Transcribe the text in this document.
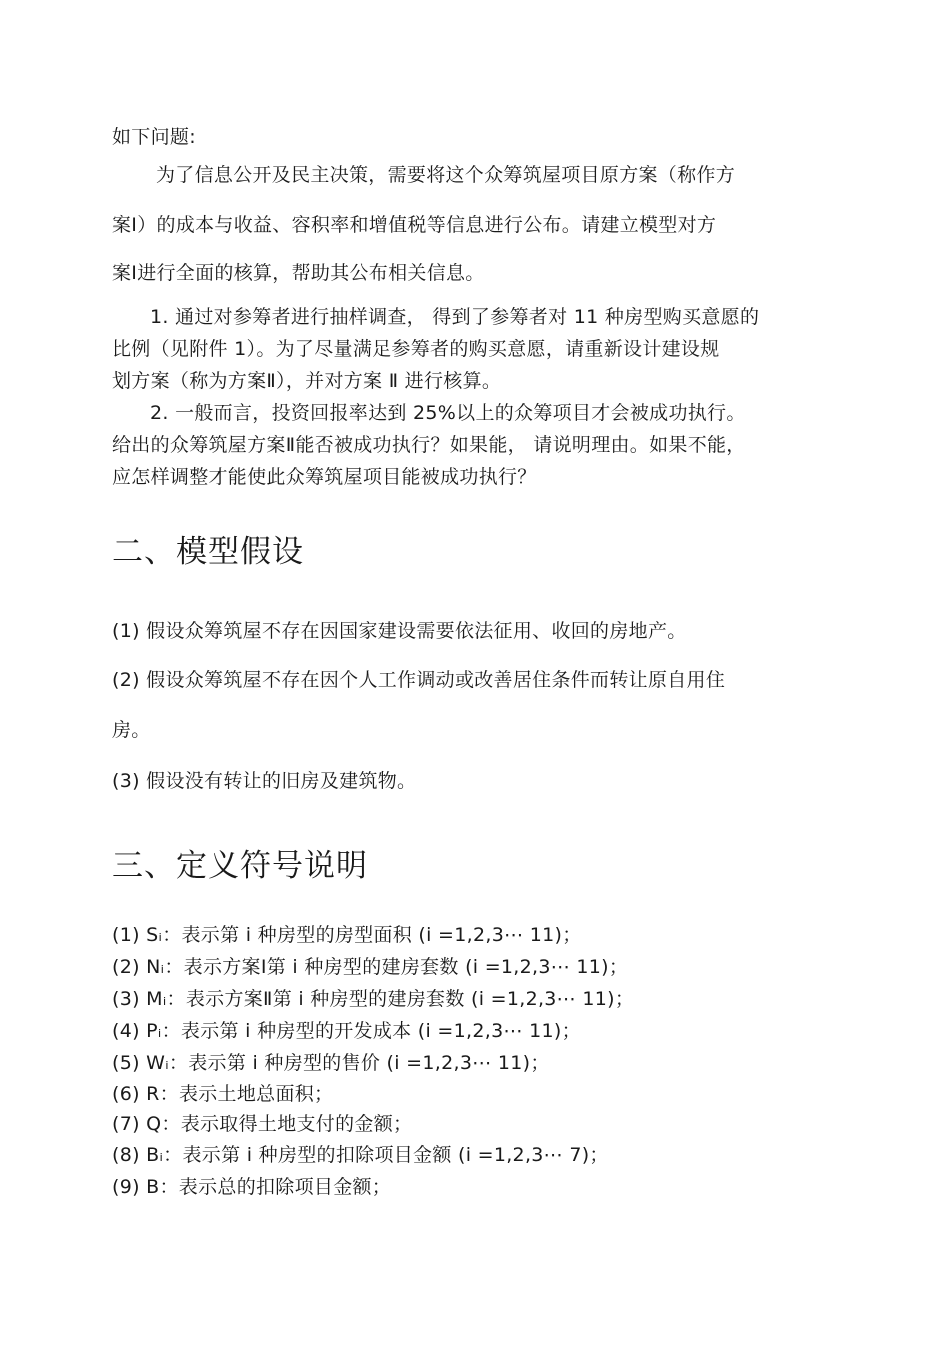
如下问题:
为了信息公开及民主决策，需要将这个众筹筑屋项目原方案（称作方
案Ⅰ）的成本与收益、容积率和增值税等信息进行公布。请建立模型对方
案Ⅰ进行全面的核算，帮助其公布相关信息。
1. 通过对参筹者进行抽样调查， 得到了参筹者对 11 种房型购买意愿的
比例（见附件 1）。为了尽量满足参筹者的购买意愿，请重新设计建设规
划方案（称为方案Ⅱ），并对方案 Ⅱ 进行核算。
2. 一般而言，投资回报率达到 25%以上的众筹项目才会被成功执行。
给出的众筹筑屋方案Ⅱ能否被成功执行？如果能， 请说明理由。如果不能，
应怎样调整才能使此众筹筑屋项目能被成功执行？
二、模型假设
(1) 假设众筹筑屋不存在因国家建设需要依法征用、收回的房地产。
(2) 假设众筹筑屋不存在因个人工作调动或改善居住条件而转让原自用住
房。
(3) 假设没有转让的旧房及建筑物。
三、定义符号说明
(1) Sᵢ：表示第 i 种房型的房型面积 (i =1,2,3⋯ 11)；
(2) Nᵢ：表示方案Ⅰ第 i 种房型的建房套数 (i =1,2,3⋯ 11)；
(3) Mᵢ：表示方案Ⅱ第 i 种房型的建房套数 (i =1,2,3⋯ 11)；
(4) Pᵢ：表示第 i 种房型的开发成本 (i =1,2,3⋯ 11)；
(5) Wᵢ：表示第 i 种房型的售价 (i =1,2,3⋯ 11)；
(6) R：表示土地总面积；
(7) Q：表示取得土地支付的金额；
(8) Bᵢ：表示第 i 种房型的扣除项目金额 (i =1,2,3⋯ 7)；
(9) B：表示总的扣除项目金额；
